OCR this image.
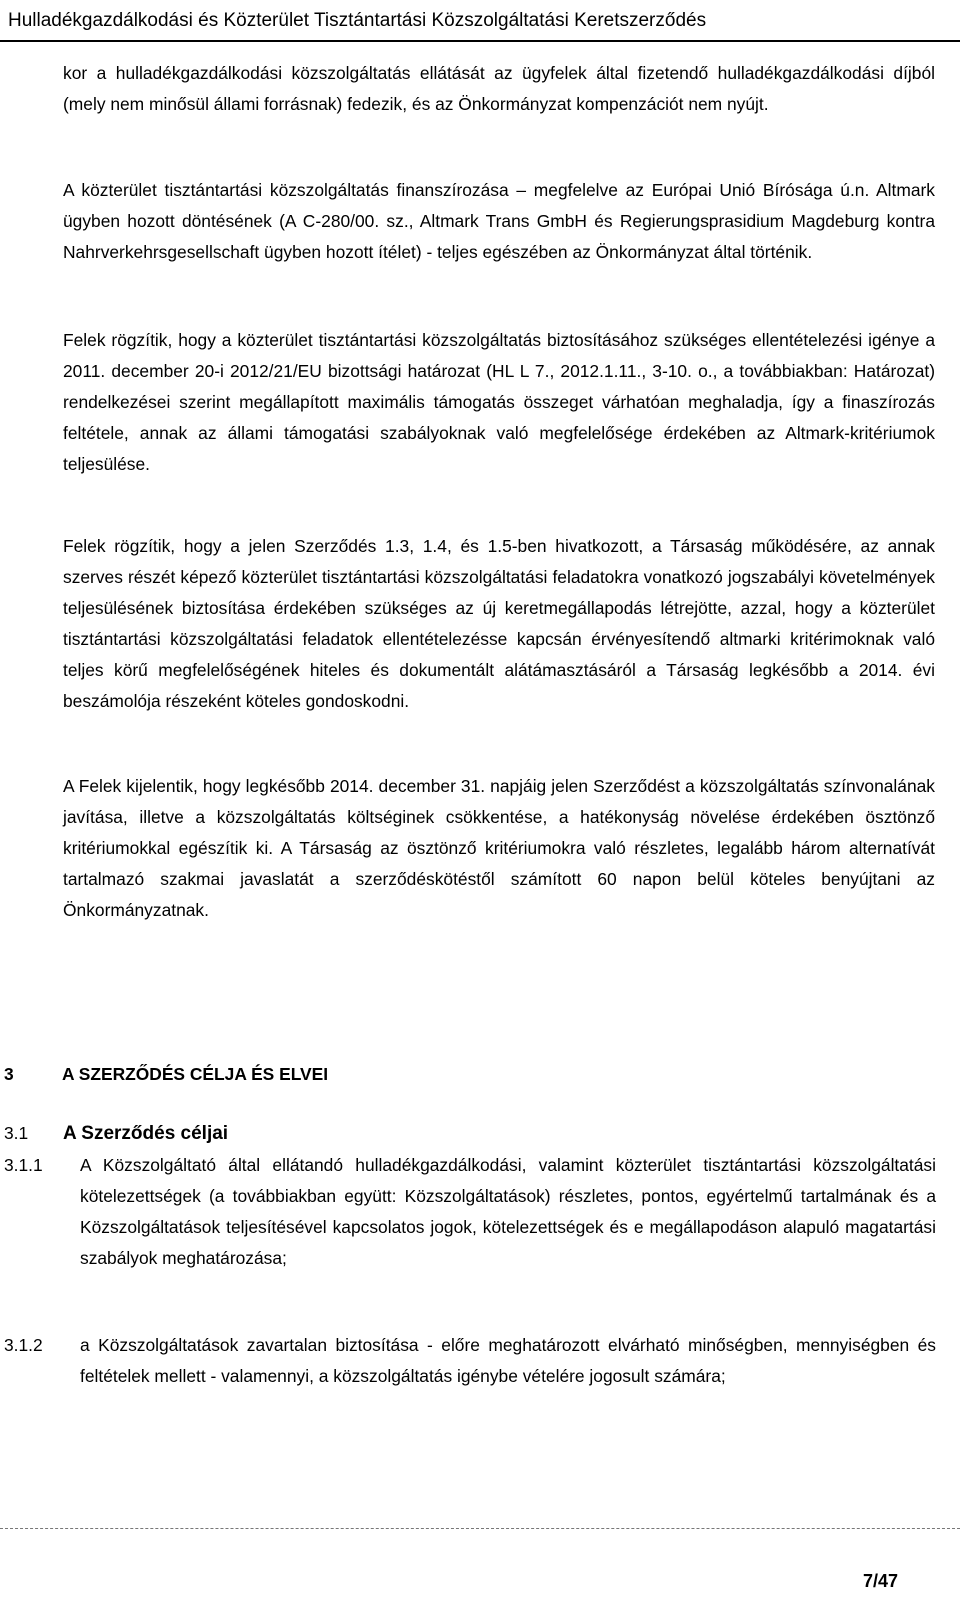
Hulladékgazdálkodási és Közterület Tisztántartási Közszolgáltatási Keretszerződés

kor a hulladékgazdálkodási közszolgáltatás ellátását az ügyfelek által fizetendő hulladékgazdálkodási díjból (mely nem minősül állami forrásnak) fedezik, és az Önkormányzat kompenzációt nem nyújt.

A közterület tisztántartási közszolgáltatás finanszírozása – megfelelve az Európai Unió Bírósága ú.n. Altmark ügyben hozott döntésének (A C-280/00. sz., Altmark Trans GmbH és Regierungsprasidium Magdeburg kontra Nahrverkehrsgesellschaft ügyben hozott ítélet) - teljes egészében az Önkormányzat által történik.

Felek rögzítik, hogy a közterület tisztántartási közszolgáltatás biztosításához szükséges ellentételezési igénye a 2011. december 20-i 2012/21/EU bizottsági határozat (HL L 7., 2012.1.11., 3-10. o., a továbbiakban: Határozat) rendelkezései szerint megállapított maximális támogatás összeget várhatóan meghaladja, így a finaszírozás feltétele, annak az állami támogatási szabályoknak való megfelelősége érdekében az Altmark-kritériumok teljesülése.

Felek rögzítik, hogy a jelen Szerződés 1.3, 1.4, és 1.5-ben hivatkozott, a Társaság működésére, az annak szerves részét képező közterület tisztántartási közszolgáltatási feladatokra vonatkozó jogszabályi követelmények teljesülésének biztosítása érdekében szükséges az új keretmegállapodás létrejötte, azzal, hogy a közterület tisztántartási közszolgáltatási feladatok ellentételezésse kapcsán érvényesítendő altmarki kritérimoknak való teljes körű megfelelőségének hiteles és dokumentált alátámasztásáról a Társaság legkésőbb a 2014. évi beszámolója részeként köteles gondoskodni.

A Felek kijelentik, hogy legkésőbb 2014. december 31. napjáig jelen Szerződést a közszolgáltatás színvonalának javítása, illetve a közszolgáltatás költséginek csökkentése, a hatékonyság növelése érdekében ösztönző kritériumokkal egészítik ki. A Társaság az ösztönző kritériumokra való részletes, legalább három alternatívát tartalmazó szakmai javaslatát a szerződéskötéstől számított 60 napon belül köteles benyújtani az Önkormányzatnak.

3	A SZERZŐDÉS CÉLJA ÉS ELVEI
3.1 A Szerződés céljai
3.1.1 A Közszolgáltató által ellátandó hulladékgazdálkodási, valamint közterület tisztántartási közszolgáltatási kötelezettségek (a továbbiakban együtt: Közszolgáltatások) részletes, pontos, egyértelmű tartalmának és a Közszolgáltatások teljesítésével kapcsolatos jogok, kötelezettségek és e megállapodáson alapuló magatartási szabályok meghatározása;

3.1.2 a Közszolgáltatások zavartalan biztosítása - előre meghatározott elvárható minőségben, mennyiségben és feltételek mellett - valamennyi, a közszolgáltatás igénybe vételére jogosult számára;

7/47
